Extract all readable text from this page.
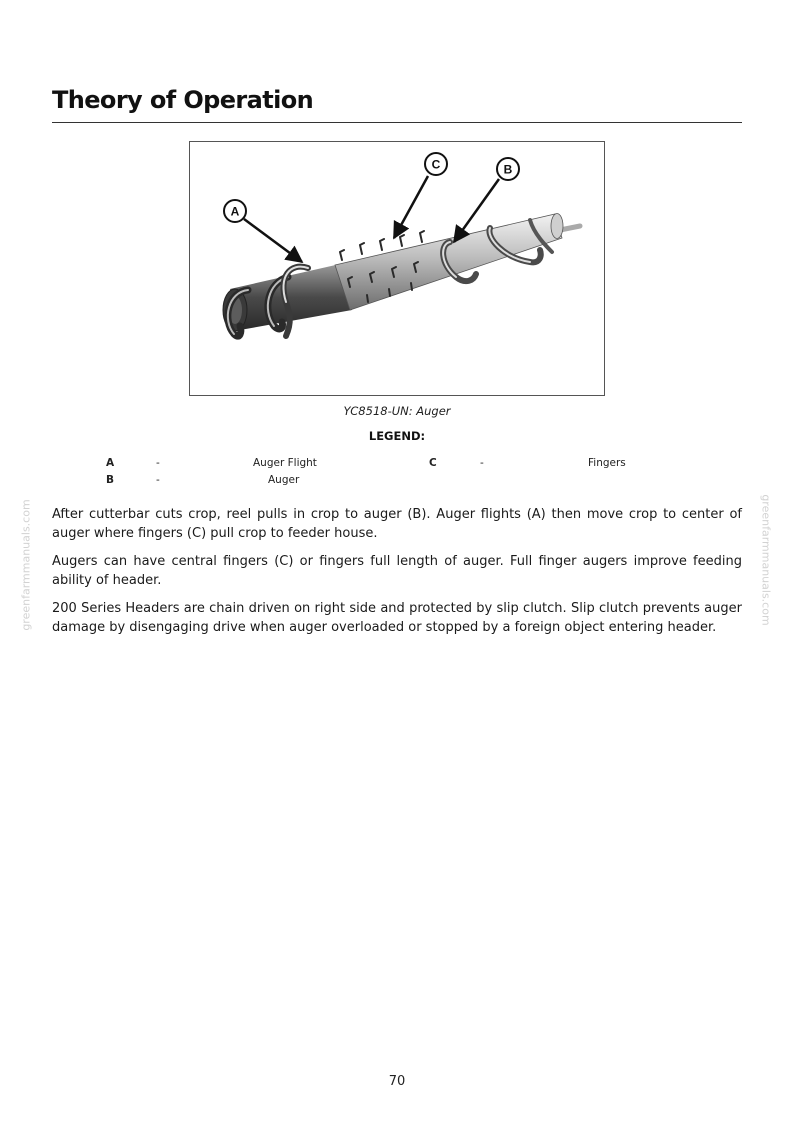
greenfarmmanuals.com	greenfarmmanuals.com
Theory of Operation
A
C	B
YC8518-UN: Auger
LEGEND:
A	-	Auger Flight
B	-	Auger
C	-	Fingers

After cutterbar cuts crop, reel pulls in crop to auger (B). Auger flights (A) then move crop to center of auger where fingers (C) pull crop to feeder house.

Augers can have central fingers (C) or fingers full length of auger. Full finger augers improve feeding ability of header.

200 Series Headers are chain driven on right side and protected by slip clutch. Slip clutch prevents auger damage by disengaging drive when auger overloaded or stopped by a foreign object entering header.

70
